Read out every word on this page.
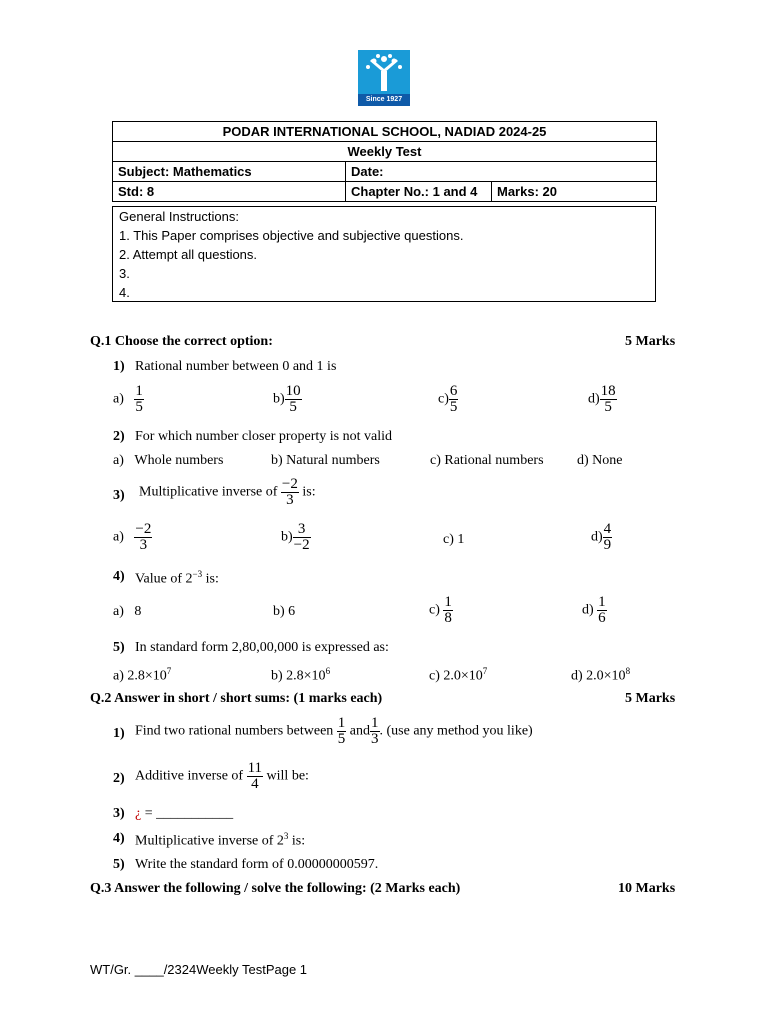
Since 1927
PODAR INTERNATIONAL SCHOOL, NADIAD 2024-25		
Weekly Test		
Subject: Mathematics	Date:	
Std: 8	Chapter No.: 1 and 4	Marks: 20
General Instructions:
1. This Paper comprises objective and subjective questions.
2. Attempt all questions.
3.
4.
Q.1 Choose the correct option:	5 Marks
1) Rational number between 0 and 1 is
$a) \frac{1}{5}$	$b) \frac{10}{5}$	$c) \frac{6}{5}$	$d) \frac{18}{5}$
2) For which number closer property is not valid
a) Whole numbers	b) Natural numbers	c) Rational numbers d) None
3) Multiplicative inverse of $\frac{-2}{3}$ is:
$a) \frac{-2}{3}$	$b) \frac{3}{-2}$	c) 1	$d) \frac{4}{9}$
4) Value of $2^{-3}$ is:
a) 8	b) 6	$c) \frac{1}{8}$	$d) \frac{1}{6}$
5) In standard form 2,80,00,000 is expressed as:
a) $2.8\times 10^7$	b) $2.8\times 10^6$	c) $2.0\times 10^7$	d) $2.0\times 10^8$
Q.2 Answer in short / short sums: (1 marks each)	5 Marks
1) Find two rational numbers between $\frac{1}{5}$ and $\frac{1}{3}$ . (use any method you like)
2) Additive inverse of $\frac{11}{4}$ will be:
3) ¿ = ___________
4) Multiplicative inverse of $2^3$ is:
5) Write the standard form of 0.00000000597.
Q.3 Answer the following / solve the following: (2 Marks each)	10 Marks
WT/Gr. ____/2324Weekly TestPage 1
